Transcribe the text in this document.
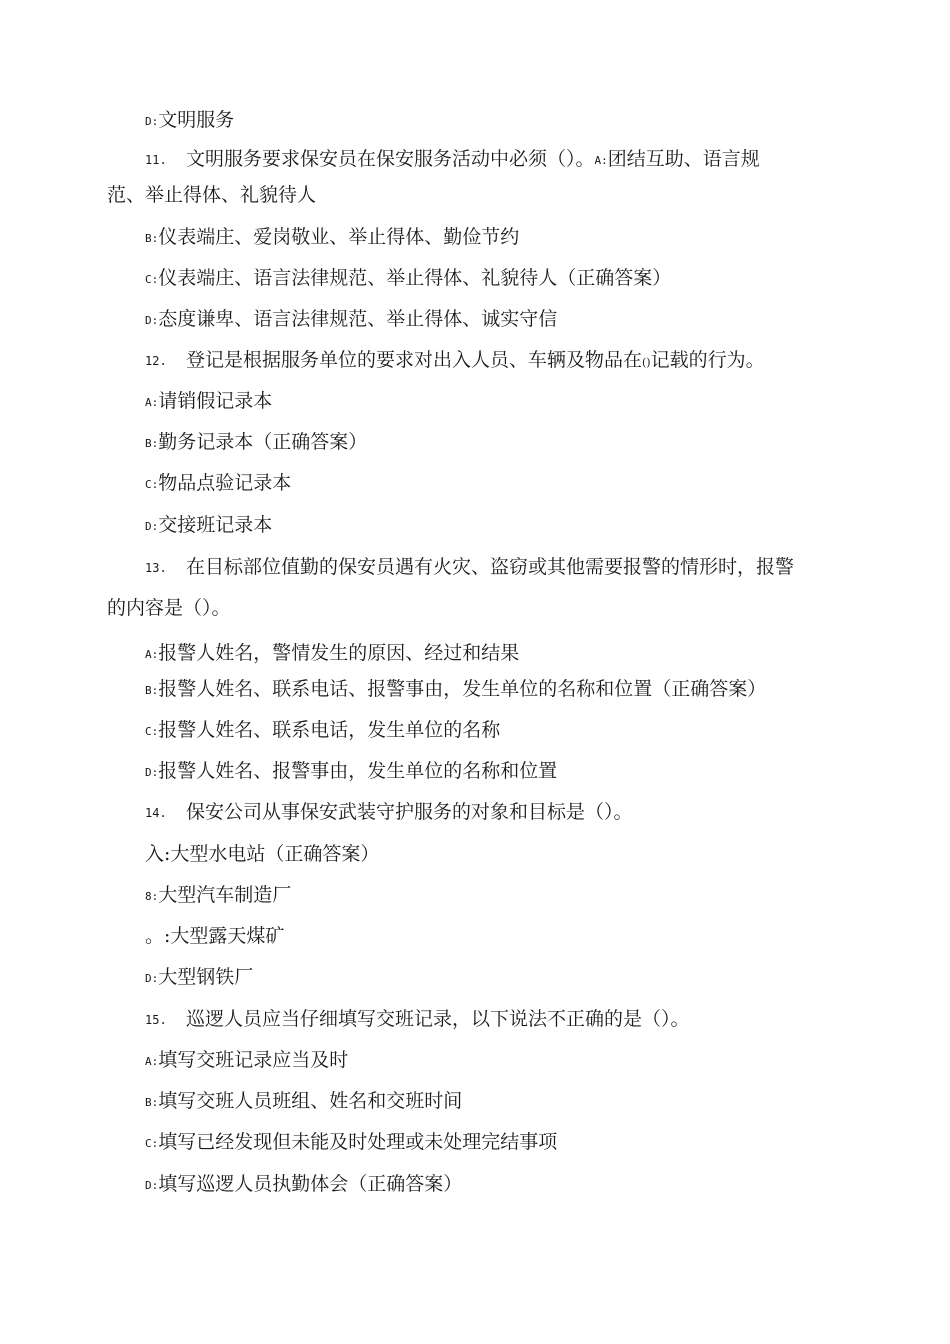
D:文明服务
11. 文明服务要求保安员在保安服务活动中必须（）。A:团结互助、语言规
范、举止得体、礼貌待人
B:仪表端庄、爱岗敬业、举止得体、勤俭节约
C:仪表端庄、语言法律规范、举止得体、礼貌待人（正确答案）
D:态度谦卑、语言法律规范、举止得体、诚实守信
12. 登记是根据服务单位的要求对出入人员、车辆及物品在()记载的行为。
A:请销假记录本
B:勤务记录本（正确答案）
C:物品点验记录本
D:交接班记录本
13. 在目标部位值勤的保安员遇有火灾、盗窃或其他需要报警的情形时，报警
的内容是（）。
A:报警人姓名，警情发生的原因、经过和结果
B:报警人姓名、联系电话、报警事由，发生单位的名称和位置（正确答案）
C:报警人姓名、联系电话，发生单位的名称
D:报警人姓名、报警事由，发生单位的名称和位置
14. 保安公司从事保安武装守护服务的对象和目标是（）。
入:大型水电站（正确答案）
8:大型汽车制造厂
。:大型露天煤矿
D:大型钢铁厂
15. 巡逻人员应当仔细填写交班记录，以下说法不正确的是（）。
A:填写交班记录应当及时
B:填写交班人员班组、姓名和交班时间
C:填写已经发现但未能及时处理或未处理完结事项
D:填写巡逻人员执勤体会（正确答案）
